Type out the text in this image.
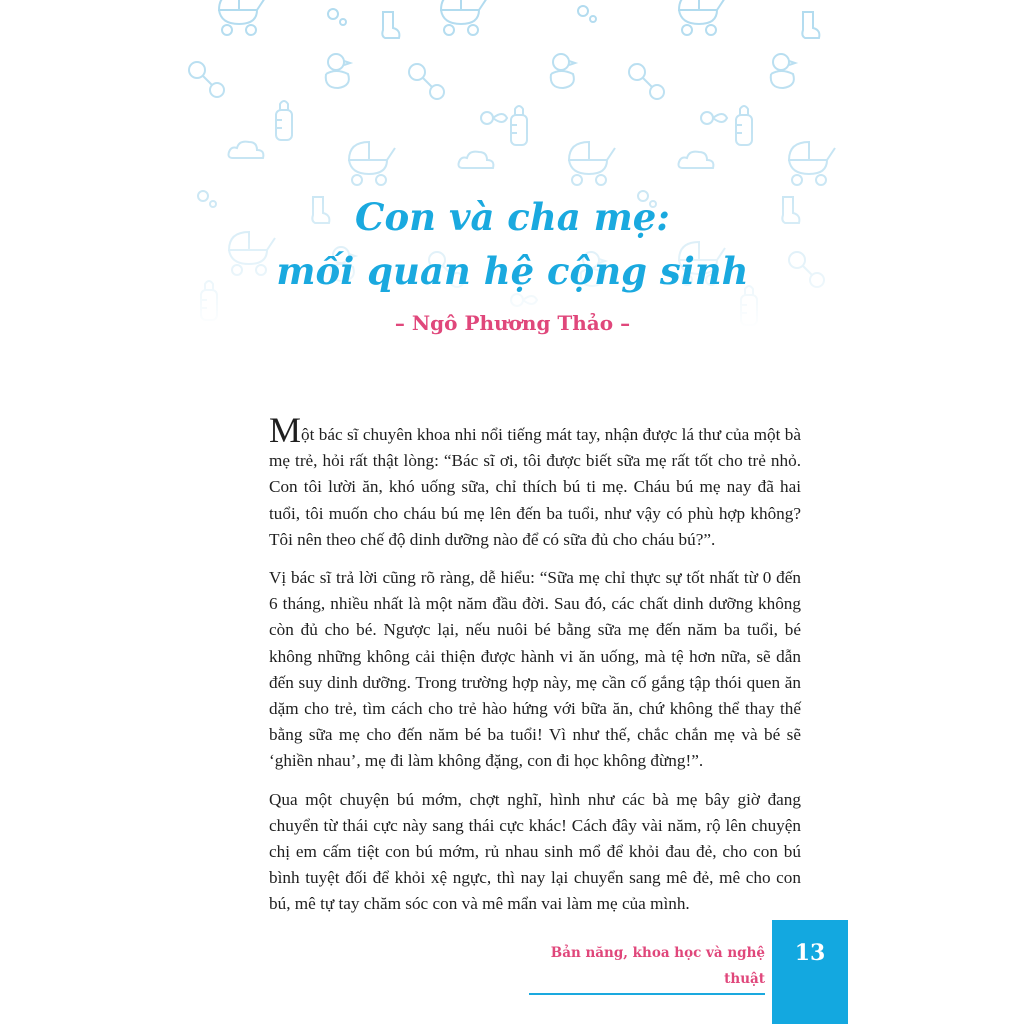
Con và cha mẹ:
mối quan hệ cộng sinh
– Ngô Phương Thảo –

Một bác sĩ chuyên khoa nhi nổi tiếng mát tay, nhận được lá thư của một bà mẹ trẻ, hỏi rất thật lòng: “Bác sĩ ơi, tôi được biết sữa mẹ rất tốt cho trẻ nhỏ. Con tôi lười ăn, khó uống sữa, chỉ thích bú ti mẹ. Cháu bú mẹ nay đã hai tuổi, tôi muốn cho cháu bú mẹ lên đến ba tuổi, như vậy có phù hợp không? Tôi nên theo chế độ dinh dưỡng nào để có sữa đủ cho cháu bú?”.

Vị bác sĩ trả lời cũng rõ ràng, dễ hiểu: “Sữa mẹ chỉ thực sự tốt nhất từ 0 đến 6 tháng, nhiều nhất là một năm đầu đời. Sau đó, các chất dinh dưỡng không còn đủ cho bé. Ngược lại, nếu nuôi bé bằng sữa mẹ đến năm ba tuổi, bé không những không cải thiện được hành vi ăn uống, mà tệ hơn nữa, sẽ dẫn đến suy dinh dưỡng. Trong trường hợp này, mẹ cần cố gắng tập thói quen ăn dặm cho trẻ, tìm cách cho trẻ hào hứng với bữa ăn, chứ không thể thay thế bằng sữa mẹ cho đến năm bé ba tuổi! Vì như thế, chắc chắn mẹ và bé sẽ ‘ghiền nhau’, mẹ đi làm không đặng, con đi học không đừng!”.

Qua một chuyện bú mớm, chợt nghĩ, hình như các bà mẹ bây giờ đang chuyển từ thái cực này sang thái cực khác! Cách đây vài năm, rộ lên chuyện chị em cấm tiệt con bú mớm, rủ nhau sinh mổ để khỏi đau đẻ, cho con bú bình tuyệt đối để khỏi xệ ngực, thì nay lại chuyển sang mê đẻ, mê cho con bú, mê tự tay chăm sóc con và mê mẩn vai làm mẹ của mình.

Bản năng, khoa học và nghệ thuật
13
